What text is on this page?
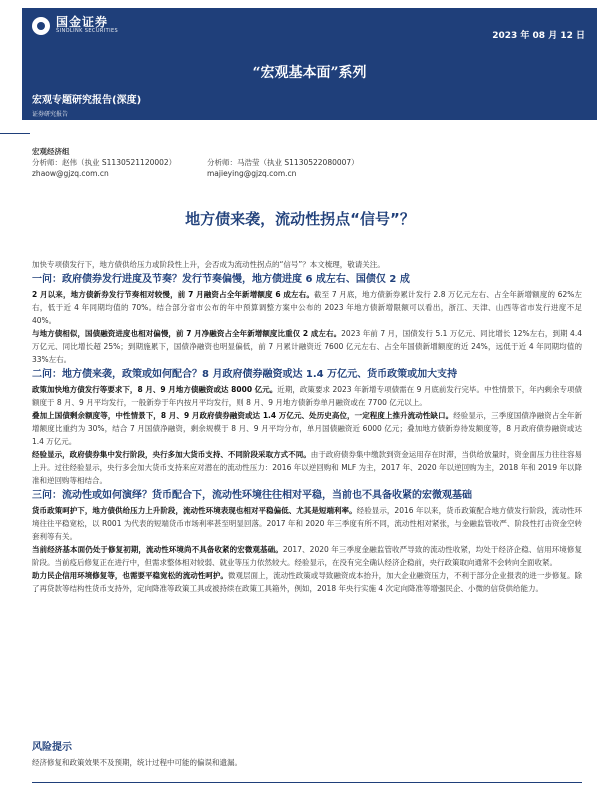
国金证券
SINOLINK SECURITIES	2023 年 08 月 12 日
“宏观基本面”系列
宏观专题研究报告(深度)
证券研究报告
宏观经济组
分析师：赵伟（执业 S1130521120002）
zhaow@gjzq.com.cn
分析师：马浩莹（执业 S1130522080007）
majieying@gjzq.com.cn
地方债来袭，流动性拐点“信号”？

加快专项债发行下，地方债供给压力或阶段性上升，会否成为流动性拐点的“信号”？本文梳理，敬请关注。

一问：政府债券发行进度及节奏？发行节奏偏慢，地方债进度 6 成左右、国债仅 2 成

2 月以来，地方债新券发行节奏相对较慢，前 7 月融资占全年新增额度 6 成左右。截至 7 月底，地方债新券累计发行 2.8 万亿元左右、占全年新增额度的 62%左右，低于近 4 年同期均值的 70%。结合部分省市公布的年中预算调整方案中公布的 2023 年地方债新增限额可以看出，浙江、天津、山西等省市发行进度不足 40%。

与地方债相似，国债融资进度也相对偏慢，前 7 月净融资占全年新增额度比重仅 2 成左右。2023 年前 7 月，国债发行 5.1 万亿元、同比增长 12%左右，到期 4.4 万亿元、同比增长超 25%；到期施累下，国债净融资也明显偏低，前 7 月累计融资近 7600 亿元左右、占全年国债新增额度的近 24%，远低于近 4 年同期均值的 33%左右。

二问：地方债来袭，政策或如何配合？8 月政府债券融资或达 1.4 万亿元、货币政策或加大支持

政策加快地方债发行等要求下，8 月、9 月地方债融资或达 8000 亿元。近期，政策要求 2023 年新增专项债需在 9 月底前发行完毕。中性情景下，年内剩余专项债额度于 8 月、9 月平均发行，一般新券于年内按月平均发行，则 8 月、9 月地方债新券单月融资或在 7700 亿元以上。

叠加上国债剩余额度等，中性情景下，8 月、9 月政府债券融资或达 1.4 万亿元、处历史高位，一定程度上推升流动性缺口。经验显示，三季度国债净融资占全年新增额度比重约为 30%，结合 7 月国债净融资，剩余规模于 8 月、9 月平均分布，单月国债融资近 6000 亿元；叠加地方债新券待发额度等，8 月政府债券融资或达 1.4 万亿元。

经验显示，政府债券集中发行阶段，央行多加大货币支持、不同阶段采取方式不同。由于政府债券集中缴款到资金运用存在时滞，当供给放量时，资金面压力往往容易上升。过往经验显示，央行多会加大货币支持来应对潜在的流动性压力：2016 年以逆回购和 MLF 为主，2017 年、2020 年以逆回购为主，2018 年和 2019 年以降准和逆回购等相结合。

三问：流动性或如何演绎？货币配合下，流动性环境往往相对平稳，当前也不具备收紧的宏微观基础

货币政策呵护下，地方债供给压力上升阶段，流动性环境表现也相对平稳偏低、尤其是短端利率。经验显示，2016 年以来，货币政策配合地方债发行阶段，流动性环境往往平稳宽松，以 R001 为代表的短端货币市场利率甚至明显回落。2017 年和 2020 年三季度有所不同，流动性相对紧张，与金融监管收严、阶段性打击资金空转套利等有关。

当前经济基本面仍处于修复初期，流动性环境尚不具备收紧的宏微观基础。2017、2020 年三季度金融监管收严导致的流动性收紧，均处于经济企稳、信用环境修复阶段。当前疫后修复正在进行中，但需求整体相对较弱、就业等压力依然较大。经验显示，在没有完全确认经济企稳前，央行政策取向通常不会转向全面收紧。

助力民企信用环境修复等，也需要平稳宽松的流动性呵护。微观层面上，流动性政策或导致融资成本抬升，加大企业融资压力，不利于部分企业报表的进一步修复。除了再贷款等结构性货币支持外，定向降准等政策工具或被持续在政策工具箱外，例如，2018 年央行实施 4 次定向降准等增强民企、小微的信贷供给能力。

风险提示
经济修复和政策效果不及预期，统计过程中可能的偏误和遗漏。
